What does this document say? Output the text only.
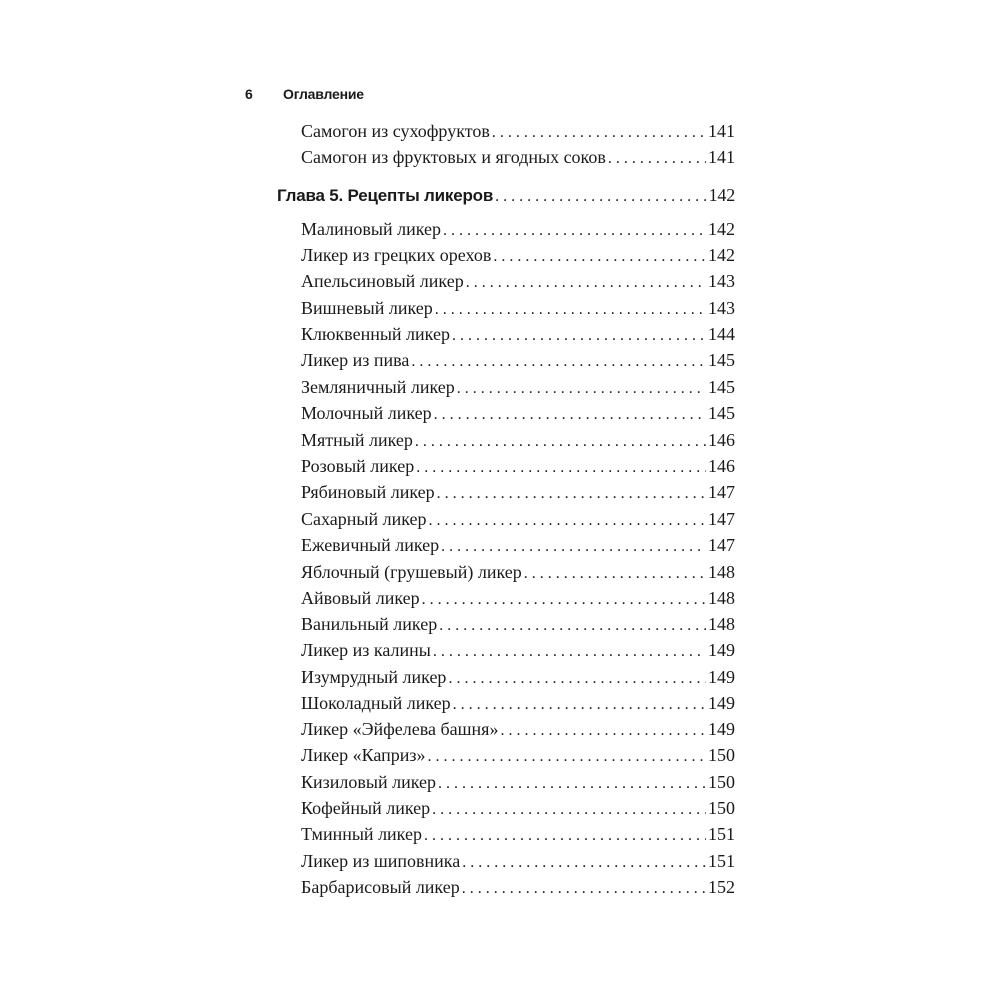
6	Оглавление
Самогон из сухофруктов . . .	141
Самогон из фруктовых и ягодных соков . . .	141
Глава 5. Рецепты ликеров . . .	142
Малиновый ликер . . .	142
Ликер из грецких орехов . . .	142
Апельсиновый ликер . . .	143
Вишневый ликер . . .	143
Клюквенный ликер . . .	144
Ликер из пива . . .	145
Земляничный ликер . . .	145
Молочный ликер . . .	145
Мятный ликер . . .	146
Розовый ликер . . .	146
Рябиновый ликер . . .	147
Сахарный ликер . . .	147
Ежевичный ликер . . .	147
Яблочный (грушевый) ликер . . .	148
Айвовый ликер . . .	148
Ванильный ликер . . .	148
Ликер из калины . . .	149
Изумрудный ликер . . .	149
Шоколадный ликер . . .	149
Ликер «Эйфелева башня» . . .	149
Ликер «Каприз» . . .	150
Кизиловый ликер . . .	150
Кофейный ликер . . .	150
Тминный ликер . . .	151
Ликер из шиповника . . .	151
Барбарисовый ликер . . .	152
